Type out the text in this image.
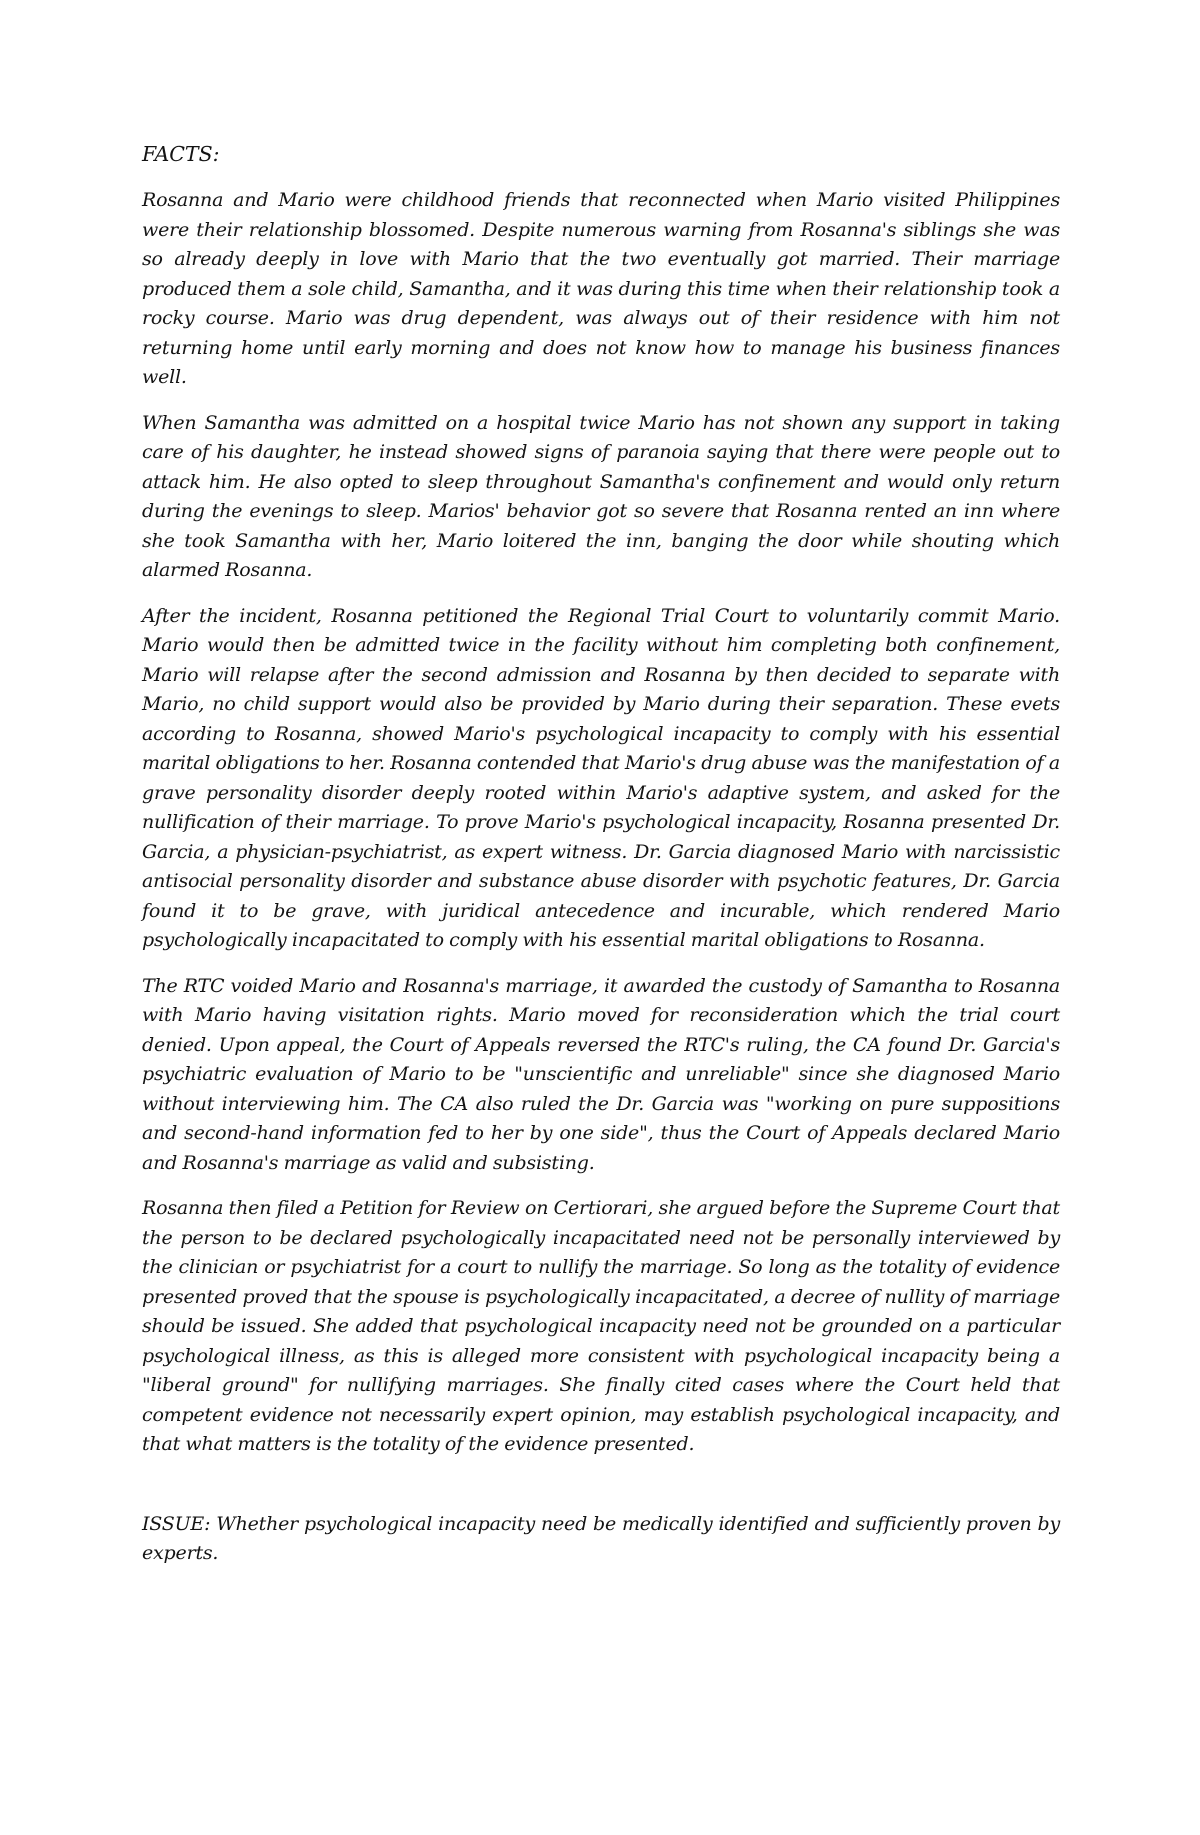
FACTS:

Rosanna and Mario were childhood friends that reconnected when Mario visited Philippines were their relationship blossomed. Despite numerous warning from Rosanna's siblings she was so already deeply in love with Mario that the two eventually got married. Their marriage produced them a sole child, Samantha, and it was during this time when their relationship took a rocky course. Mario was drug dependent, was always out of their residence with him not returning home until early morning and does not know how to manage his business finances well.

When Samantha was admitted on a hospital twice Mario has not shown any support in taking care of his daughter, he instead showed signs of paranoia saying that there were people out to attack him. He also opted to sleep throughout Samantha's confinement and would only return during the evenings to sleep. Marios' behavior got so severe that Rosanna rented an inn where she took Samantha with her, Mario loitered the inn, banging the door while shouting which alarmed Rosanna.

After the incident, Rosanna petitioned the Regional Trial Court to voluntarily commit Mario. Mario would then be admitted twice in the facility without him completing both confinement, Mario will relapse after the second admission and Rosanna by then decided to separate with Mario, no child support would also be provided by Mario during their separation. These evets according to Rosanna, showed Mario's psychological incapacity to comply with his essential marital obligations to her. Rosanna contended that Mario's drug abuse was the manifestation of a grave personality disorder deeply rooted within Mario's adaptive system, and asked for the nullification of their marriage. To prove Mario's psychological incapacity, Rosanna presented Dr. Garcia, a physician-psychiatrist, as expert witness. Dr. Garcia diagnosed Mario with narcissistic antisocial personality disorder and substance abuse disorder with psychotic features, Dr. Garcia found it to be grave, with juridical antecedence and incurable, which rendered Mario psychologically incapacitated to comply with his essential marital obligations to Rosanna.

The RTC voided Mario and Rosanna's marriage, it awarded the custody of Samantha to Rosanna with Mario having visitation rights. Mario moved for reconsideration which the trial court denied. Upon appeal, the Court of Appeals reversed the RTC's ruling, the CA found Dr. Garcia's psychiatric evaluation of Mario to be "unscientific and unreliable" since she diagnosed Mario without interviewing him. The CA also ruled the Dr. Garcia was "working on pure suppositions and second-hand information fed to her by one side", thus the Court of Appeals declared Mario and Rosanna's marriage as valid and subsisting.

Rosanna then filed a Petition for Review on Certiorari, she argued before the Supreme Court that the person to be declared psychologically incapacitated need not be personally interviewed by the clinician or psychiatrist for a court to nullify the marriage. So long as the totality of evidence presented proved that the spouse is psychologically incapacitated, a decree of nullity of marriage should be issued. She added that psychological incapacity need not be grounded on a particular psychological illness, as this is alleged more consistent with psychological incapacity being a "liberal ground" for nullifying marriages. She finally cited cases where the Court held that competent evidence not necessarily expert opinion, may establish psychological incapacity, and that what matters is the totality of the evidence presented.

ISSUE: Whether psychological incapacity need be medically identified and sufficiently proven by experts.
